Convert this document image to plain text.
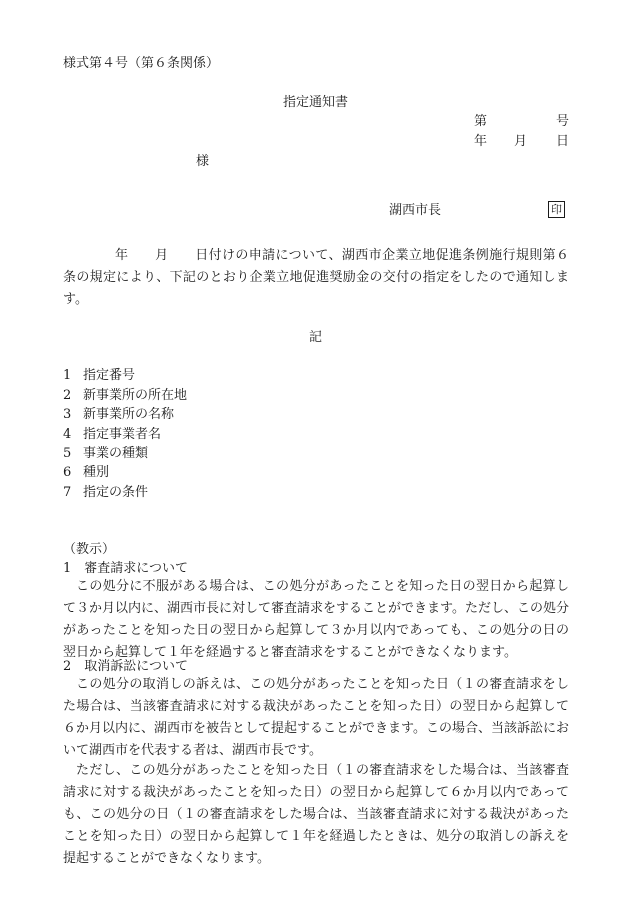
様式第４号（第６条関係）
指定通知書
第	号
年 月 日
様
湖西市長	印
年　　月　　日付けの申請について、湖西市企業立地促進条例施行規則第６条の規定により、下記のとおり企業立地促進奨励金の交付の指定をしたので通知します。
記
1 指定番号
2 新事業所の所在地
3 新事業所の名称
4 指定事業者名
5 事業の種類
6 種別
7 指定の条件
（教示）
1　審査請求について
この処分に不服がある場合は、この処分があったことを知った日の翌日から起算して３か月以内に、湖西市長に対して審査請求をすることができます。ただし、この処分があったことを知った日の翌日から起算して３か月以内であっても、この処分の日の翌日から起算して１年を経過すると審査請求をすることができなくなります。
2　取消訴訟について
この処分の取消しの訴えは、この処分があったことを知った日（１の審査請求をした場合は、当該審査請求に対する裁決があったことを知った日）の翌日から起算して６か月以内に、湖西市を被告として提起することができます。この場合、当該訴訟において湖西市を代表する者は、湖西市長です。
ただし、この処分があったことを知った日（１の審査請求をした場合は、当該審査請求に対する裁決があったことを知った日）の翌日から起算して６か月以内であっても、この処分の日（１の審査請求をした場合は、当該審査請求に対する裁決があったことを知った日）の翌日から起算して１年を経過したときは、処分の取消しの訴えを提起することができなくなります。
